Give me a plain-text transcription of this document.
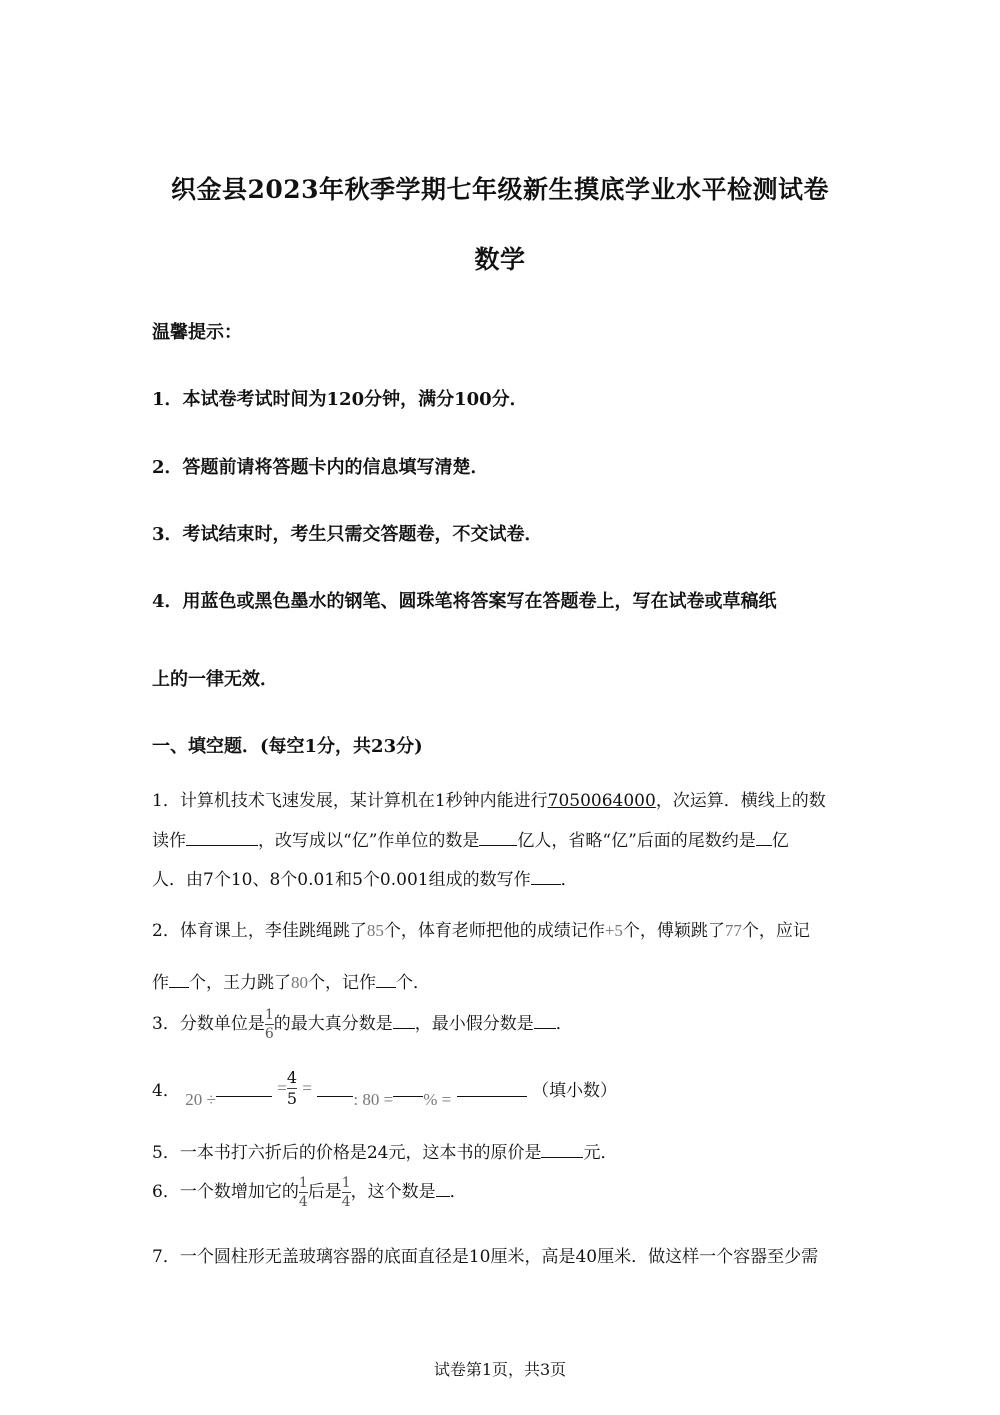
织金县2023年秋季学期七年级新生摸底学业水平检测试卷
数学
温馨提示：
1．本试卷考试时间为120分钟，满分100分．
2．答题前请将答题卡内的信息填写清楚．
3．考试结束时，考生只需交答题卷，不交试卷．
4．用蓝色或黑色墨水的钢笔、圆珠笔将答案写在答题卷上，写在试卷或草稿纸
上的一律无效．
一、填空题．(每空1分，共23分)
1．计算机技术飞速发展，某计算机在1秒钟内能进行7050064000，次运算．横线上的数
读作	，改写成以“亿”作单位的数是 亿人，省略“亿”后面的尾数约是 亿
人．由7个10、8个0.01和5个0.001组成的数写作 ．
2．体育课上，李佳跳绳跳了85个，体育老师把他的成绩记作+5个，傅颖跳了77个，应记
作 个，王力跳了80个，记作 个．
3．分数单位是 $\frac{1}{6}$ 的最大真分数是 ，最小假分数是 ．
4． 20 ÷ = $\frac{4}{5}$ = : 80 = % =	（填小数）
5．一本书打六折后的价格是24元，这本书的原价是 元．
6．一个数增加它的 $\frac{1}{4}$ 后是 $\frac{1}{4}$ ，这个数是 ．
7．一个圆柱形无盖玻璃容器的底面直径是10厘米，高是40厘米．做这样一个容器至少需
试卷第1页，共3页
